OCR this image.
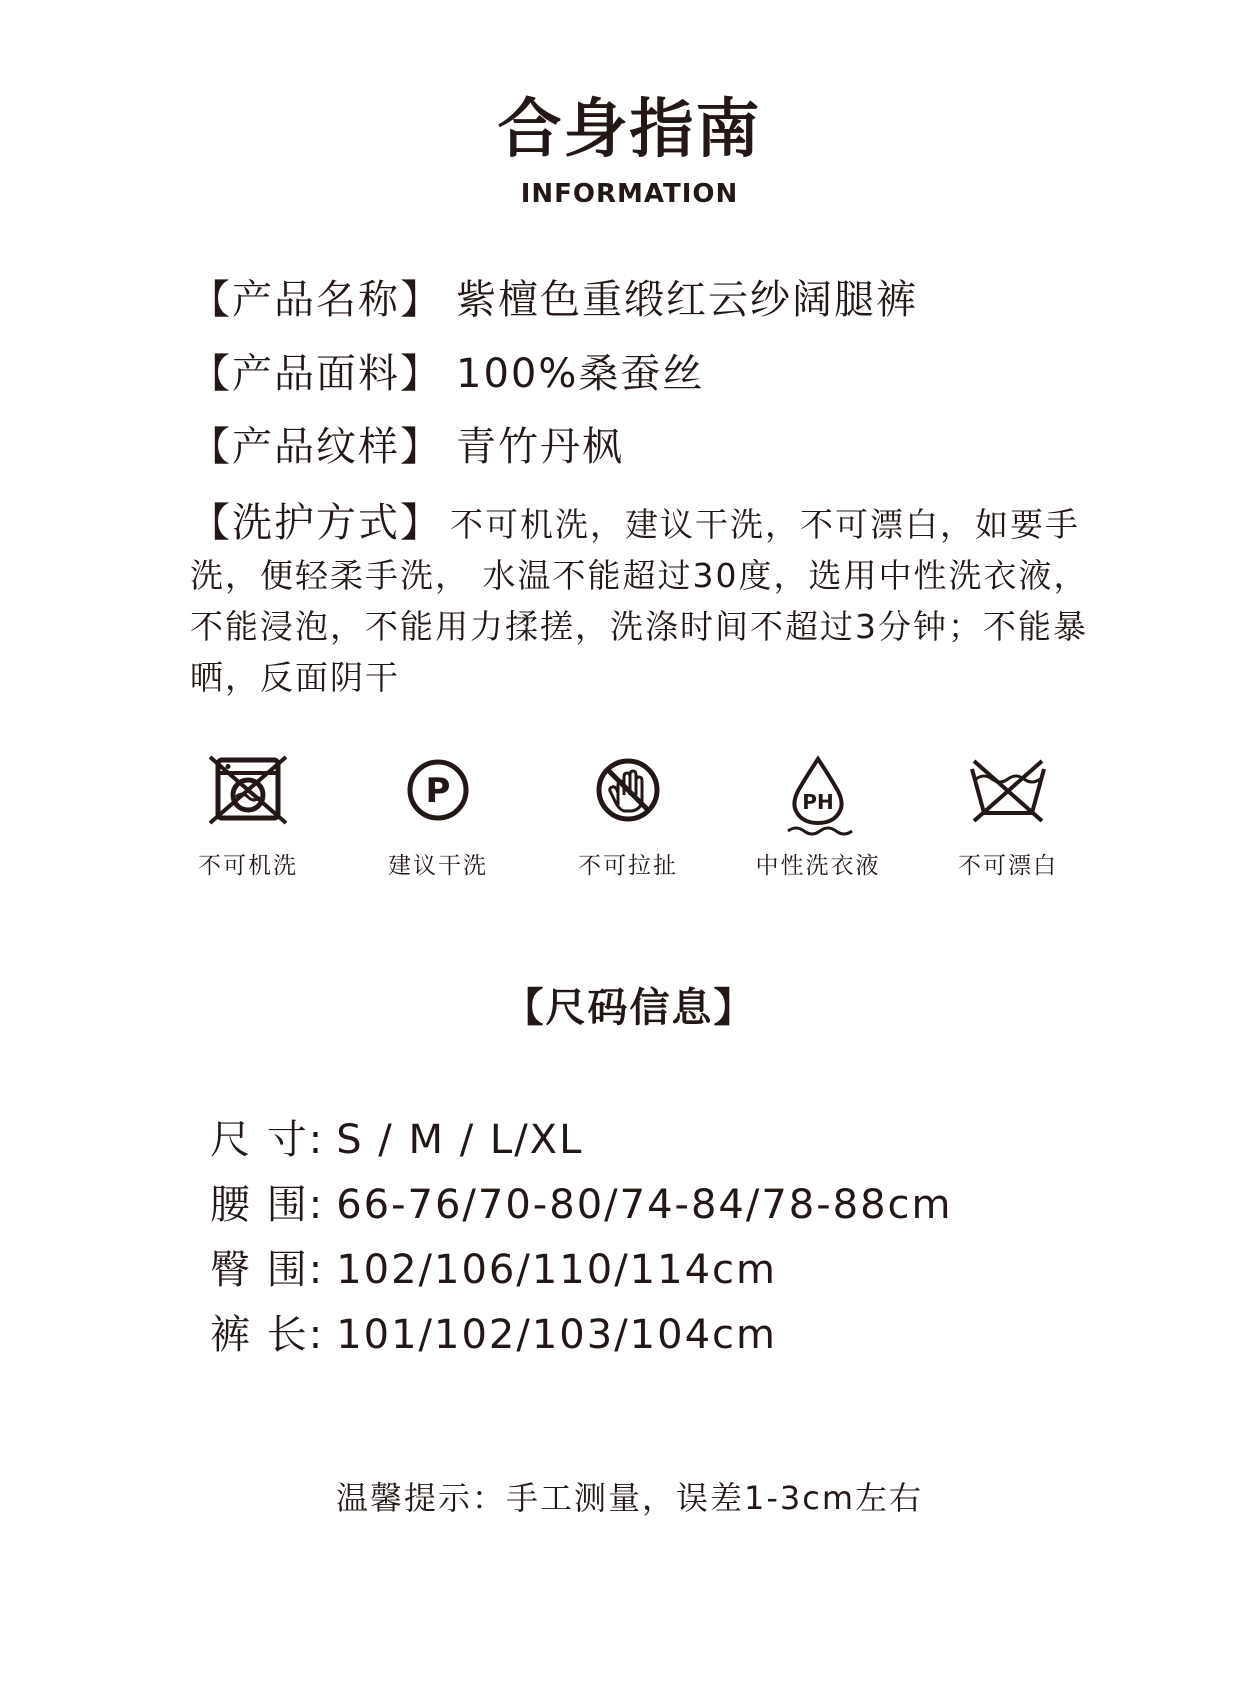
合身指南
INFORMATION
【产品名称】 紫檀色重缎红云纱阔腿裤
【产品面料】 100%桑蚕丝
【产品纹样】 青竹丹枫
【洗护方式】 不可机洗，建议干洗，不可漂白，如要手洗，便轻柔手洗， 水温不能超过30度，选用中性洗衣液，不能浸泡，不能用力揉搓，洗涤时间不超过3分钟；不能暴晒，反面阴干
不可机洗
P
建议干洗	不可拉扯
PH
中性洗衣液	不可漂白
【尺码信息】
尺 寸: S / M / L/XL
腰 围: 66-76/70-80/74-84/78-88cm
臀 围: 102/106/110/114cm
裤 长: 101/102/103/104cm
温馨提示：手工测量，误差1-3cm左右
